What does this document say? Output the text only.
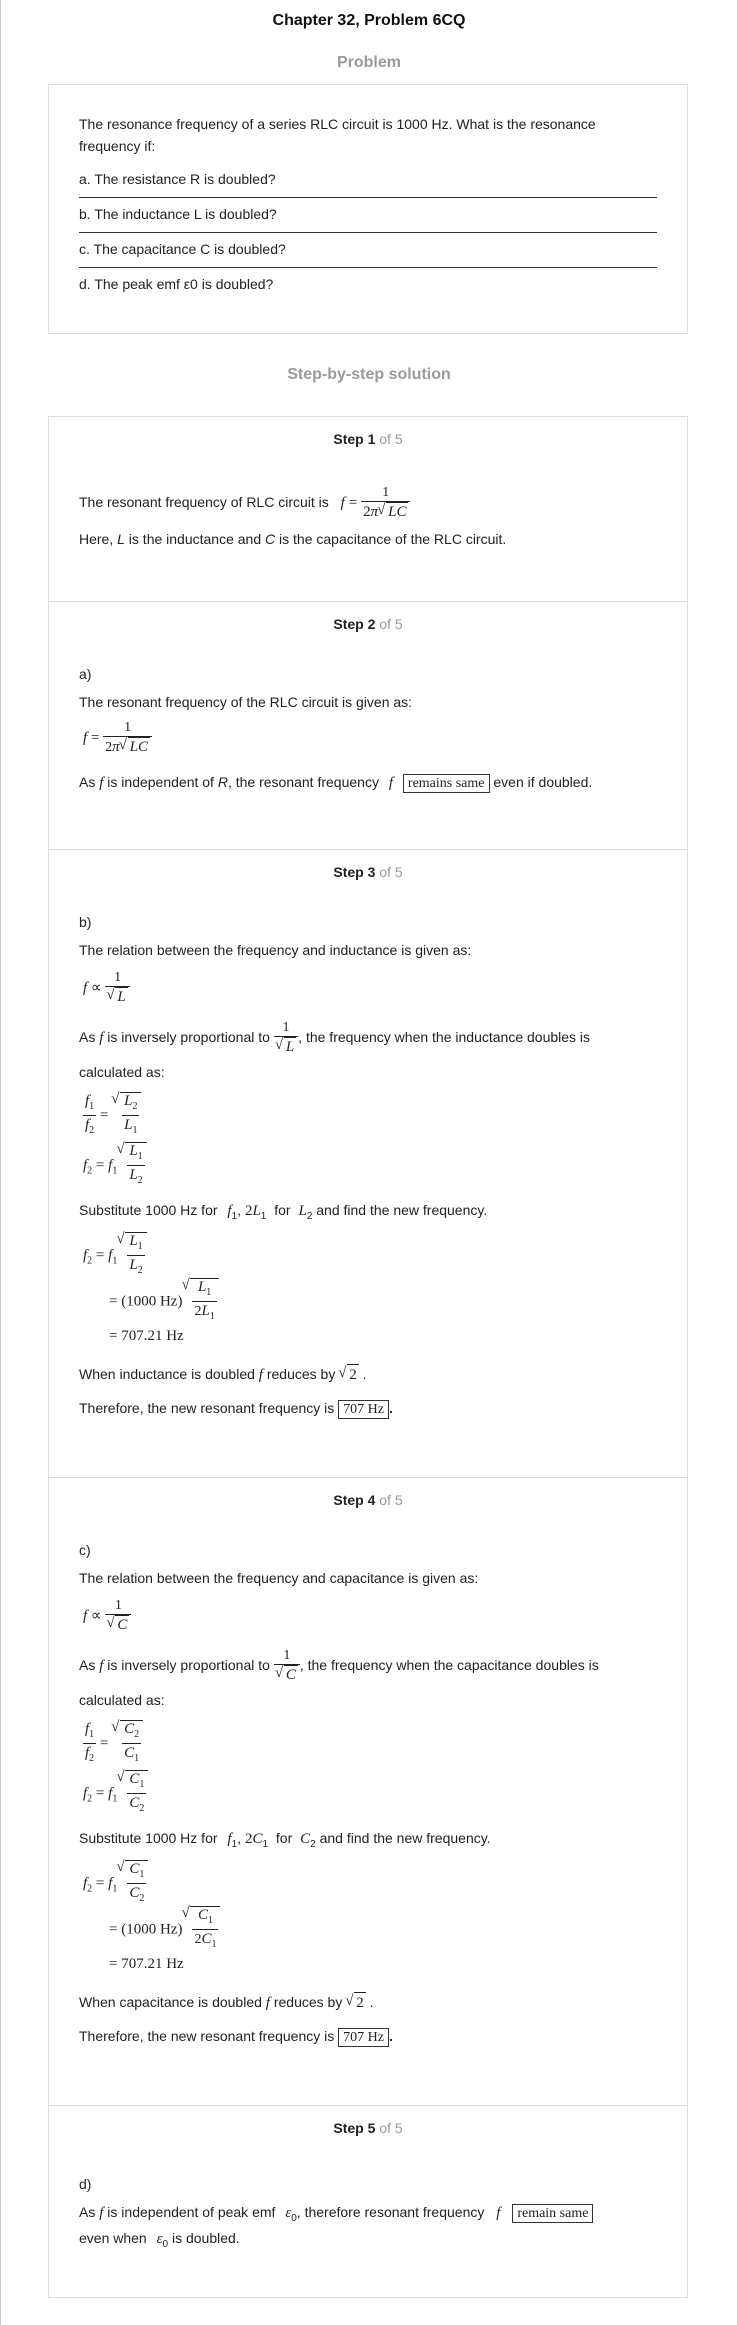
Chapter 32, Problem 6CQ
Problem

The resonance frequency of a series RLC circuit is 1000 Hz. What is the resonance frequency if:

a. The resistance R is doubled?
b. The inductance L is doubled?
c. The capacitance C is doubled?
d. The peak emf ε0 is doubled?
Step-by-step solution
Step 1 of 5
The resonant frequency of RLC circuit is $f = \frac{1}{2\pi √ LC}$
Here, L is the inductance and C is the capacitance of the RLC circuit.
Step 2 of 5
a)
The resonant frequency of the RLC circuit is given as:
$f = \frac{1}{2\pi √ LC}$
As f is independent of R, the resonant frequency f remains same even if doubled.
Step 3 of 5
b)
The relation between the frequency and inductance is given as:
f ∝ 1
√ L
As f is inversely proportional to 1
√ L , the frequency when the inductance doubles is
calculated as:
$\frac{f_1}{f_2}$ = √ $\frac{L_2}{L_1}$
$f_2 = f_1$ √ $\frac{L_1}{L_2}$
Substitute 1000 Hz for $f_1$, $2L_1$ for $L_2$ and find the new frequency.
$f_2 = f_1$ √ $\frac{L_1}{L_2}$
= (1000 Hz) √ $\frac{L_1}{2L_1}$
= 707.21 Hz
When inductance is doubled f reduces by √ 2 .
Therefore, the new resonant frequency is 707 Hz .
Step 4 of 5
c)
The relation between the frequency and capacitance is given as:
f ∝ 1
√ C
As f is inversely proportional to 1
√ C , the frequency when the capacitance doubles is
calculated as:
$\frac{f_1}{f_2}$ = √ $\frac{C_2}{C_1}$
$f_2 = f_1$ √ $\frac{C_1}{C_2}$
Substitute 1000 Hz for $f_1$, $2C_1$ for $C_2$ and find the new frequency.
$f_2 = f_1$ √ $\frac{C_1}{C_2}$
= (1000 Hz) √ $\frac{C_1}{2C_1}$
= 707.21 Hz
When capacitance is doubled f reduces by √ 2 .
Therefore, the new resonant frequency is 707 Hz .
Step 5 of 5
d)
As f is independent of peak emf $\varepsilon_0$, therefore resonant frequency f remain same
even when $\varepsilon_0$ is doubled.
